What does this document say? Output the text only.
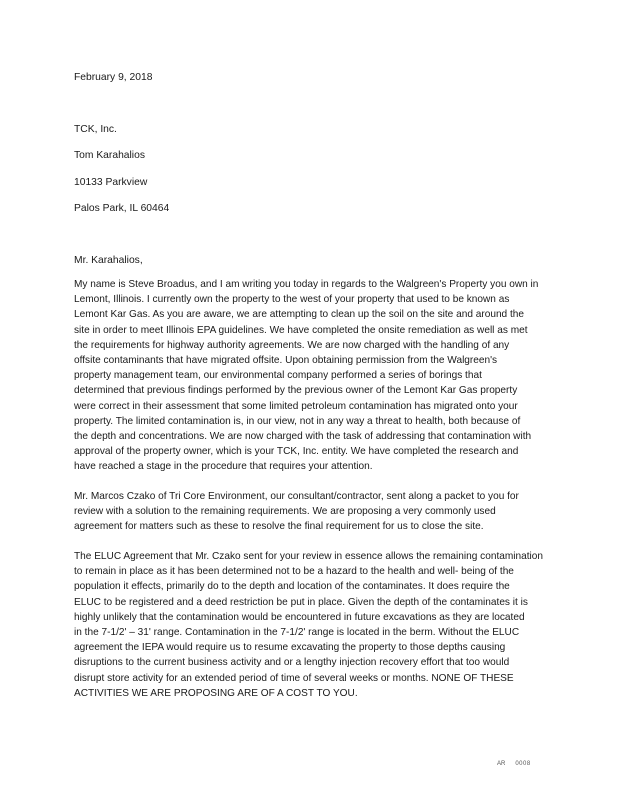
February 9, 2018
TCK, Inc.
Tom Karahalios
10133 Parkview
Palos Park, IL 60464
Mr. Karahalios,
My name is Steve Broadus, and I am writing you today in regards to the Walgreen's Property you own in
Lemont, Illinois. I currently own the property to the west of your property that used to be known as
Lemont Kar Gas. As you are aware, we are attempting to clean up the soil on the site and around the
site in order to meet Illinois EPA guidelines. We have completed the onsite remediation as well as met
the requirements for highway authority agreements. We are now charged with the handling of any
offsite contaminants that have migrated offsite. Upon obtaining permission from the Walgreen's
property management team, our environmental company performed a series of borings that
determined that previous findings performed by the previous owner of the Lemont Kar Gas property
were correct in their assessment that some limited petroleum contamination has migrated onto your
property. The limited contamination is, in our view, not in any way a threat to health, both because of
the depth and concentrations. We are now charged with the task of addressing that contamination with
approval of the property owner, which is your TCK, Inc. entity. We have completed the research and
have reached a stage in the procedure that requires your attention.
Mr. Marcos Czako of Tri Core Environment, our consultant/contractor, sent along a packet to you for
review with a solution to the remaining requirements. We are proposing a very commonly used
agreement for matters such as these to resolve the final requirement for us to close the site.
The ELUC Agreement that Mr. Czako sent for your review in essence allows the remaining contamination
to remain in place as it has been determined not to be a hazard to the health and well- being of the
population it effects, primarily do to the depth and location of the contaminates. It does require the
ELUC to be registered and a deed restriction be put in place. Given the depth of the contaminates it is
highly unlikely that the contamination would be encountered in future excavations as they are located
in the 7-1/2' – 31' range. Contamination in the 7-1/2' range is located in the berm. Without the ELUC
agreement the IEPA would require us to resume excavating the property to those depths causing
disruptions to the current business activity and or a lengthy injection recovery effort that too would
disrupt store activity for an extended period of time of several weeks or months. NONE OF THESE
ACTIVITIES WE ARE PROPOSING ARE OF A COST TO YOU.
AR 0008
